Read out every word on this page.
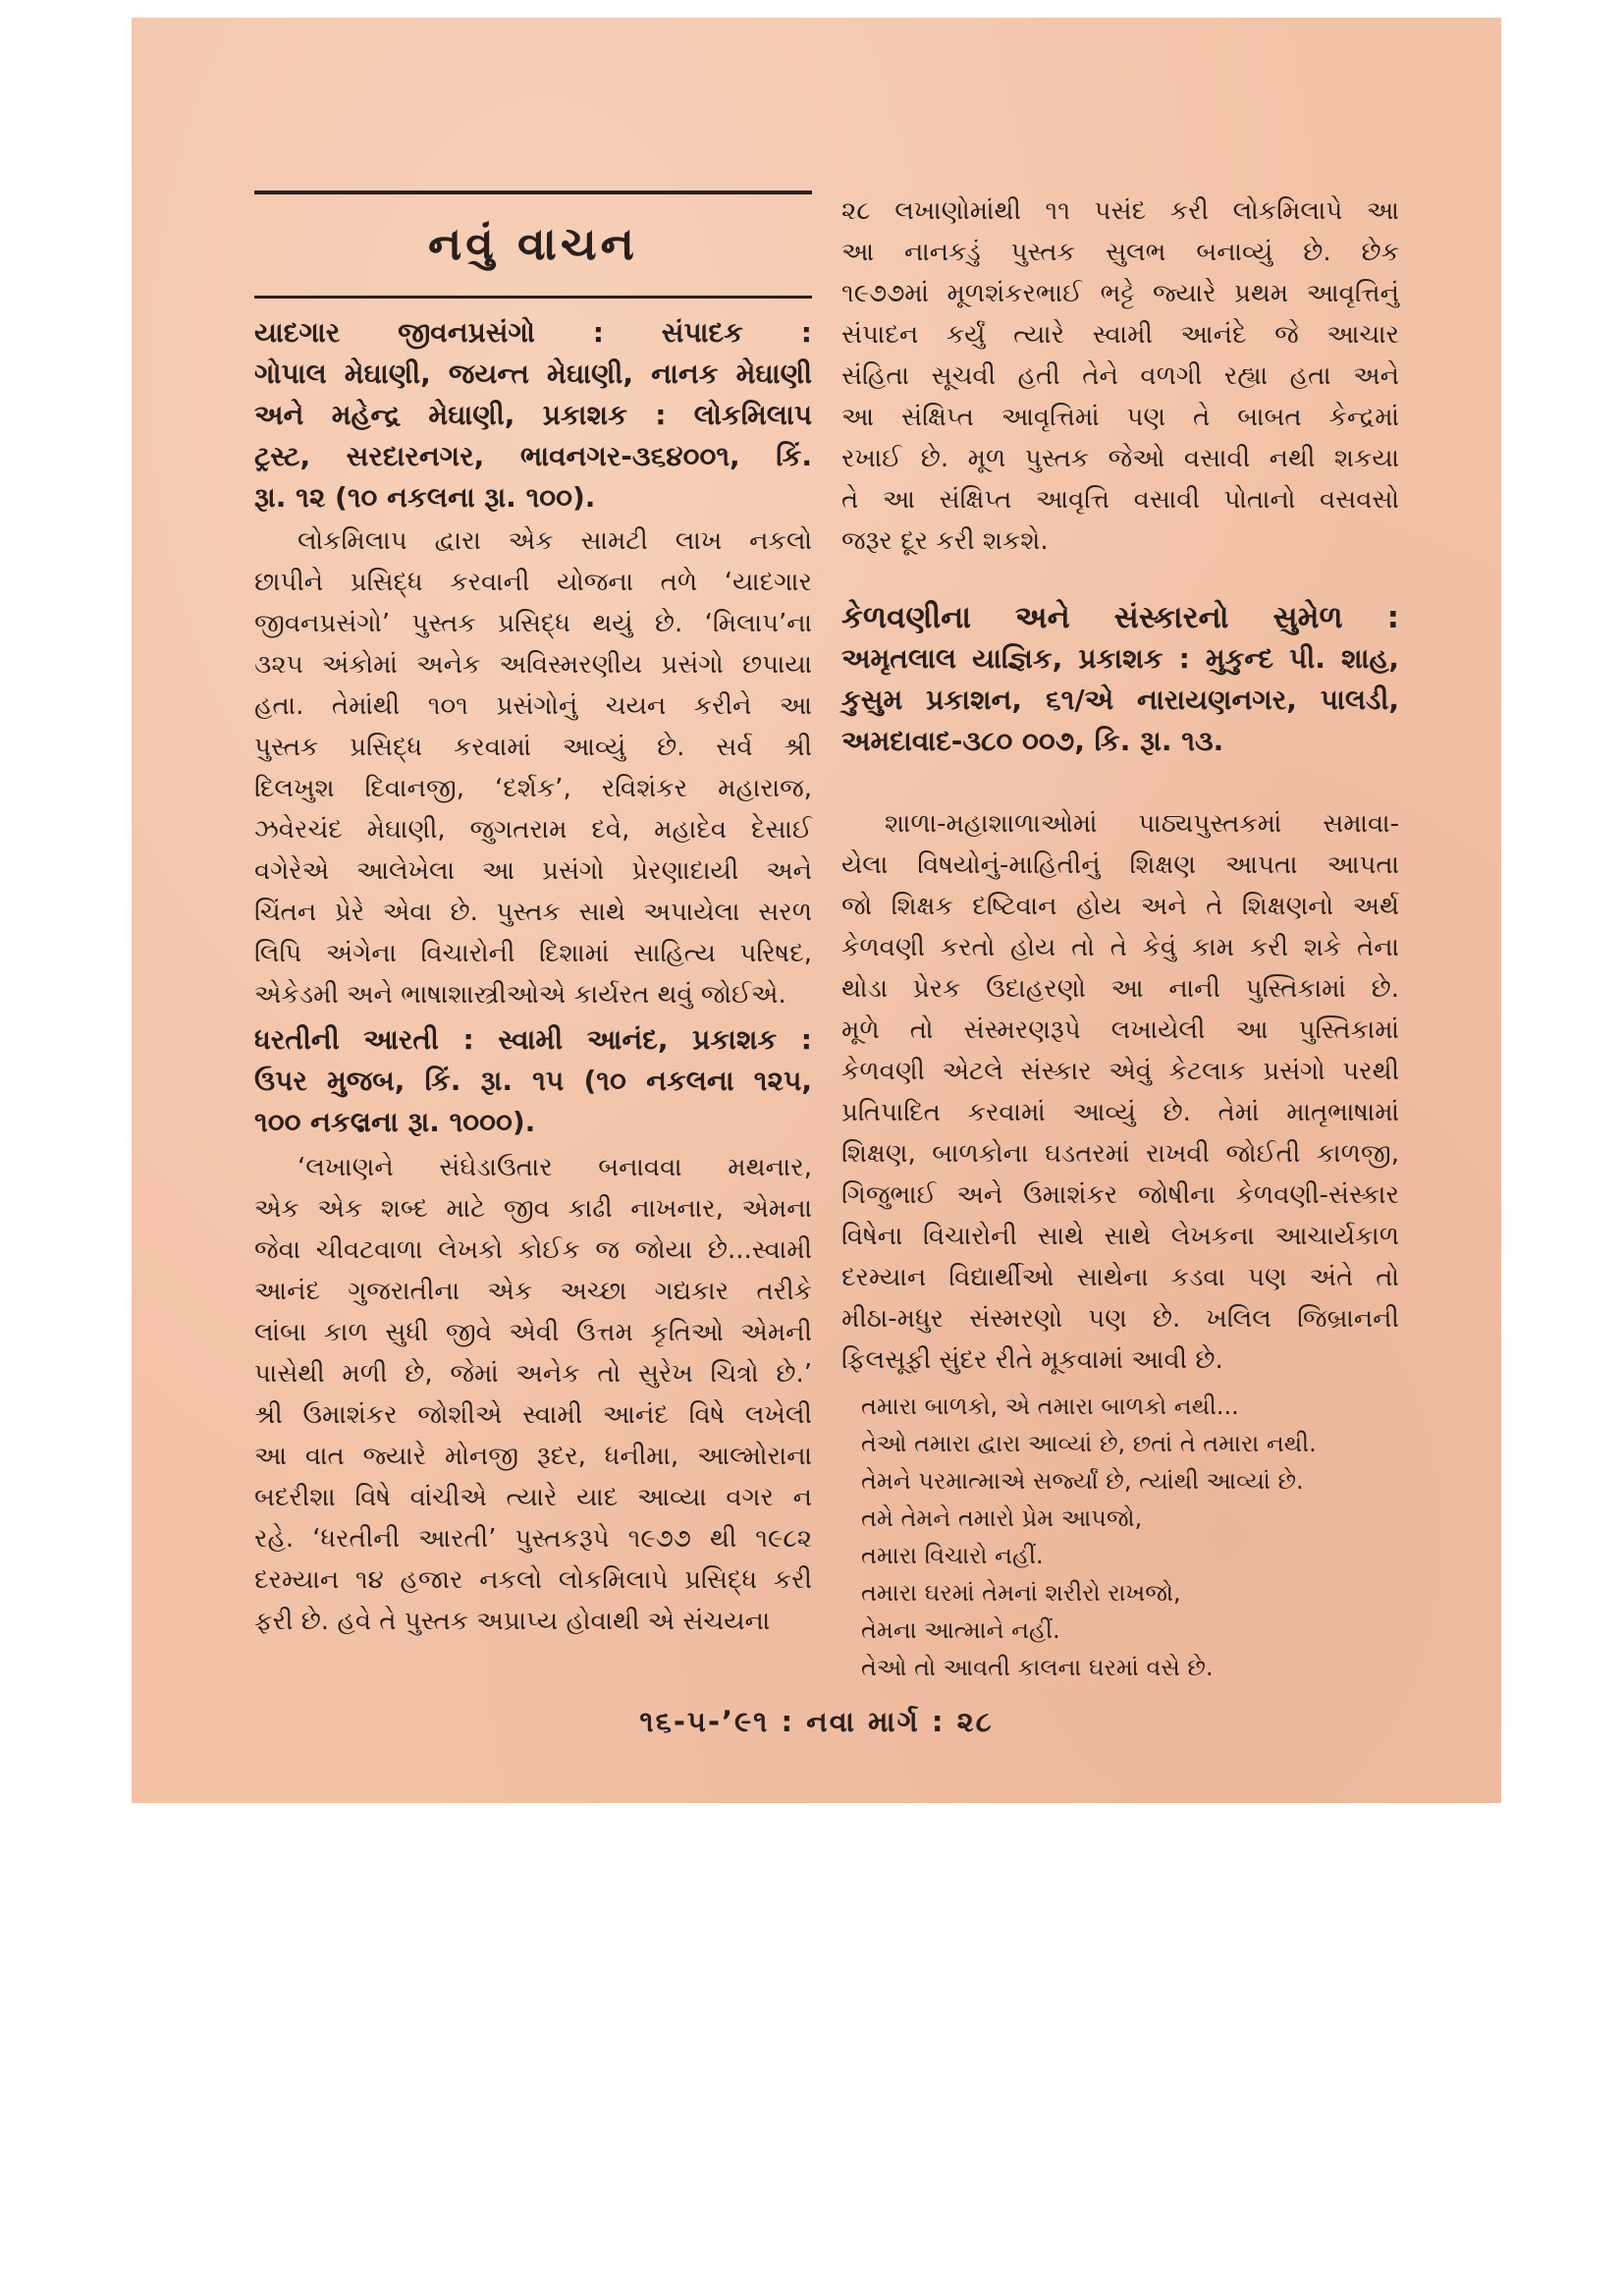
નવું વાચન

યાદગાર જીવનપ્રસંગો : સંપાદક :

ગોપાલ મેઘાણી, જયન્ત મેઘાણી, નાનક મેઘાણી

અને મહેન્દ્ર મેઘાણી, પ્રકાશક : લોકમિલાપ

ટ્રસ્ટ, સરદારનગર, ભાવનગર-૩૬૪૦૦૧, કિં.

રૂા. ૧૨ (૧૦ નકલના રૂા. ૧૦૦).

લોકમિલાપ દ્વારા એક સામટી લાખ નકલો

છાપીને પ્રસિદ્ધ કરવાની યોજના તળે ‘યાદગાર

જીવનપ્રસંગો’ પુસ્તક પ્રસિદ્ધ થયું છે. ‘મિલાપ’ના

૩૨૫ અંકોમાં અનેક અવિસ્મરણીય પ્રસંગો છપાયા

હતા. તેમાંથી ૧૦૧ પ્રસંગોનું ચયન કરીને આ

પુસ્તક પ્રસિદ્ધ કરવામાં આવ્યું છે. સર્વ શ્રી

દિલખુશ દિવાનજી, ‘દર્શક’, રવિશંકર મહારાજ,

ઝવેરચંદ મેઘાણી, જુગતરામ દવે, મહાદેવ દેસાઈ

વગેરેએ આલેખેલા આ પ્રસંગો પ્રેરણાદાયી અને

ચિંતન પ્રેરે એવા છે. પુસ્તક સાથે અપાયેલા સરળ

લિપિ અંગેના વિચારોની દિશામાં સાહિત્ય પરિષદ,

એકેડમી અને ભાષાશાસ્ત્રીઓએ કાર્યરત થવું જોઈએ.

ધરતીની આરતી : સ્વામી આનંદ, પ્રકાશક :

ઉપર મુજબ, કિં. રૂા. ૧૫ (૧૦ નકલના ૧૨૫,

૧૦૦ નકલના રૂા. ૧૦૦૦).

‘લખાણને સંઘેડાઉતાર બનાવવા મથનાર,

એક એક શબ્દ માટે જીવ કાઢી નાખનાર, એમના

જેવા ચીવટવાળા લેખકો કોઈક જ જોયા છે...સ્વામી

આનંદ ગુજરાતીના એક અચ્છા ગદ્યકાર તરીકે

લાંબા કાળ સુધી જીવે એવી ઉત્તમ કૃતિઓ એમની

પાસેથી મળી છે, જેમાં અનેક તો સુરેખ ચિત્રો છે.’

શ્રી ઉમાશંકર જોશીએ સ્વામી આનંદ વિષે લખેલી

આ વાત જ્યારે મોનજી રૂદર, ધનીમા, આલ્મોરાના

બદરીશા વિષે વાંચીએ ત્યારે યાદ આવ્યા વગર ન

રહે. ‘ધરતીની આરતી’ પુસ્તકરૂપે ૧૯૭૭ થી ૧૯૮૨

દરમ્યાન ૧૪ હજાર નકલો લોકમિલાપે પ્રસિદ્ધ કરી

ફરી છે. હવે તે પુસ્તક અપ્રાપ્ય હોવાથી એ સંચયના

૨૮ લખાણોમાંથી ૧૧ પસંદ કરી લોકમિલાપે આ

આ નાનકડું પુસ્તક સુલભ બનાવ્યું છે. છેક

૧૯૭૭માં મૂળશંકરભાઈ ભટ્ટે જ્યારે પ્રથમ આવૃત્તિનું

સંપાદન કર્યું ત્યારે સ્વામી આનંદે જે આચાર

સંહિતા સૂચવી હતી તેને વળગી રહ્યા હતા અને

આ સંક્ષિપ્ત આવૃત્તિમાં પણ તે બાબત કેન્દ્રમાં

રખાઈ છે. મૂળ પુસ્તક જેઓ વસાવી નથી શકયા

તે આ સંક્ષિપ્ત આવૃત્તિ વસાવી પોતાનો વસવસો

જરૂર દૂર કરી શકશે.

કેળવણીના અને સંસ્કારનો સુમેળ :

અમૃતલાલ યાજ્ઞિક, પ્રકાશક : મુકુન્દ પી. શાહ,

કુસુમ પ્રકાશન, ૬૧/એ નારાયણનગર, પાલડી,

અમદાવાદ-૩૮૦ ૦૦૭, કિ. રૂા. ૧૩.

શાળા-મહાશાળાઓમાં પાઠ્યપુસ્તકમાં સમાવા-

યેલા વિષયોનું-માહિતીનું શિક્ષણ આપતા આપતા

જો શિક્ષક દષ્ટિવાન હોય અને તે શિક્ષણનો અર્થ

કેળવણી કરતો હોય તો તે કેવું કામ કરી શકે તેના

થોડા પ્રેરક ઉદાહરણો આ નાની પુસ્તિકામાં છે.

મૂળે તો સંસ્મરણરૂપે લખાયેલી આ પુસ્તિકામાં

કેળવણી એટલે સંસ્કાર એવું કેટલાક પ્રસંગો પરથી

પ્રતિપાદિત કરવામાં આવ્યું છે. તેમાં માતૃભાષામાં

શિક્ષણ, બાળકોના ઘડતરમાં રાખવી જોઈતી કાળજી,

ગિજુભાઈ અને ઉમાશંકર જોષીના કેળવણી-સંસ્કાર

વિષેના વિચારોની સાથે સાથે લેખકના આચાર્યકાળ

દરમ્યાન વિદ્યાર્થીઓ સાથેના કડવા પણ અંતે તો

મીઠા-મધુર સંસ્મરણો પણ છે. ખલિલ જિબ્રાનની

ફિલસૂફી સુંદર રીતે મૂકવામાં આવી છે.

તમારા બાળકો, એ તમારા બાળકો નથી...

તેઓ તમારા દ્વારા આવ્યાં છે, છતાં તે તમારા નથી.

તેમને પરમાત્માએ સર્જ્યાં છે, ત્યાંથી આવ્યાં છે.

તમે તેમને તમારો પ્રેમ આપજો,

તમારા વિચારો નહીં.

તમારા ઘરમાં તેમનાં શરીરો રાખજો,

તેમના આત્માને નહીં.

તેઓ તો આવતી કાલના ઘરમાં વસે છે.

૧૬-૫-’૯૧ : નવા માર્ગ : ૨૮
